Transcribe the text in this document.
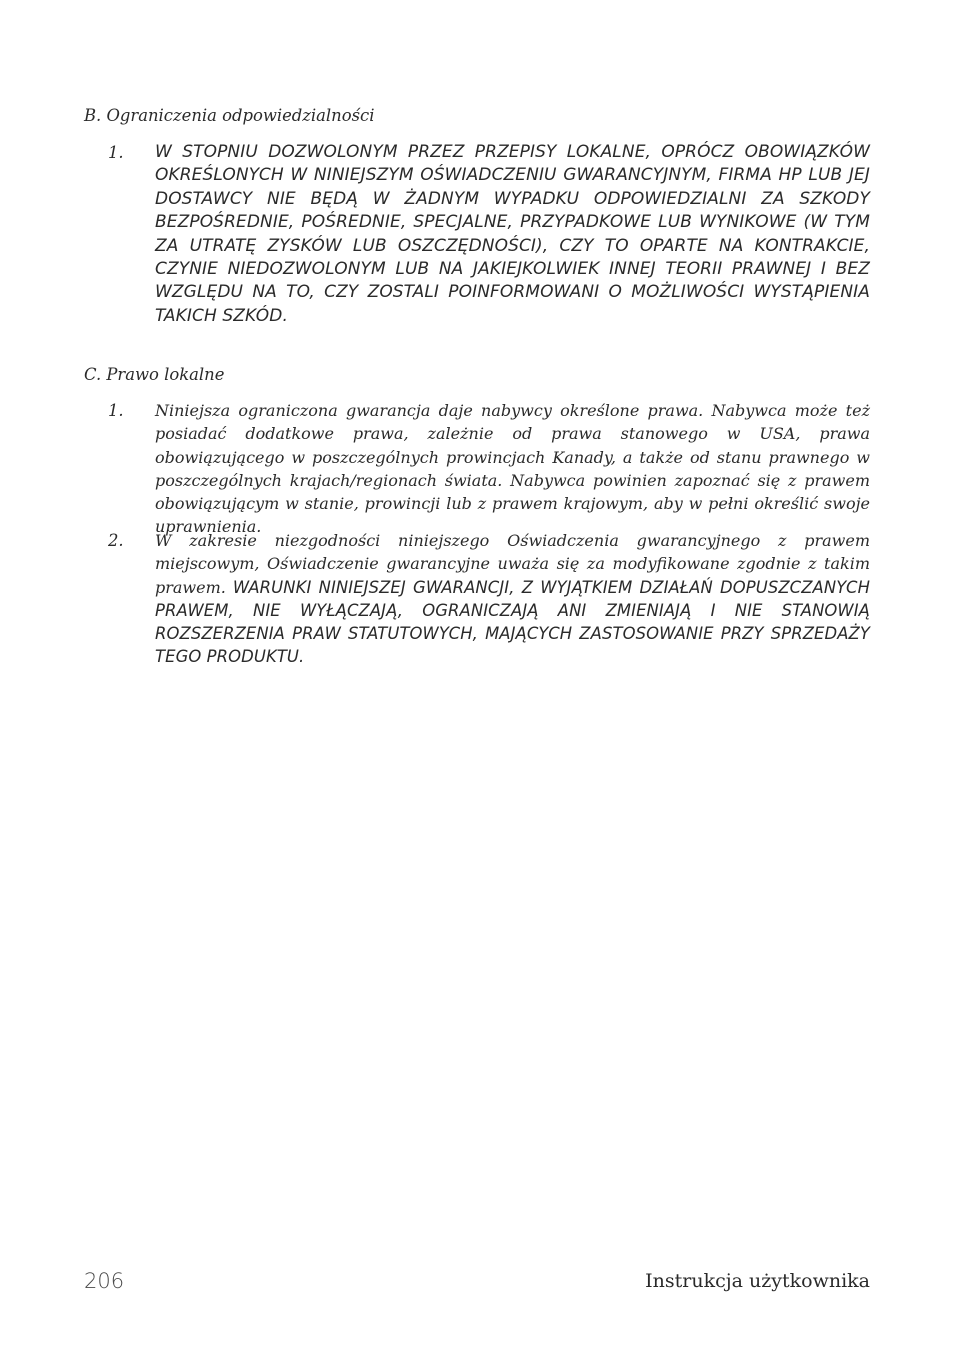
B. Ograniczenia odpowiedzialności
1. W STOPNIU DOZWOLONYM PRZEZ PRZEPISY LOKALNE, OPRÓCZ OBOWIĄZKÓW OKREŚLONYCH W NINIEJSZYM OŚWIADCZENIU GWARANCYJNYM, FIRMA HP LUB JEJ DOSTAWCY NIE BĘDĄ W ŻADNYM WYPADKU ODPOWIEDZIALNI ZA SZKODY BEZPOŚREDNIE, POŚREDNIE, SPECJALNE, PRZYPADKOWE LUB WYNIKOWE (W TYM ZA UTRATĘ ZYSKÓW LUB OSZCZĘDNOŚCI), CZY TO OPARTE NA KONTRAKCIE, CZYNIE NIEDOZWOLONYM LUB NA JAKIEJKOLWIEK INNEJ TEORII PRAWNEJ I BEZ WZGLĘDU NA TO, CZY ZOSTALI POINFORMOWANI O MOŻLIWOŚCI WYSTĄPIENIA TAKICH SZKÓD.
C. Prawo lokalne
1. Niniejsza ograniczona gwarancja daje nabywcy określone prawa. Nabywca może też posiadać dodatkowe prawa, zależnie od prawa stanowego w USA, prawa obowiązującego w poszczególnych prowincjach Kanady, a także od stanu prawnego w poszczególnych krajach/regionach świata. Nabywca powinien zapoznać się z prawem obowiązującym w stanie, prowincji lub z prawem krajowym, aby w pełni określić swoje uprawnienia.
2. W zakresie niezgodności niniejszego Oświadczenia gwarancyjnego z prawem miejscowym, Oświadczenie gwarancyjne uważa się za modyfikowane zgodnie z takim prawem. WARUNKI NINIEJSZEJ GWARANCJI, Z WYJĄTKIEM DZIAŁAŃ DOPUSZCZANYCH PRAWEM, NIE WYŁĄCZAJĄ, OGRANICZAJĄ ANI ZMIENIAJĄ I NIE STANOWIĄ ROZSZERZENIA PRAW STATUTOWYCH, MAJĄCYCH ZASTOSOWANIE PRZY SPRZEDAŻY TEGO PRODUKTU.
206	Instrukcja użytkownika
